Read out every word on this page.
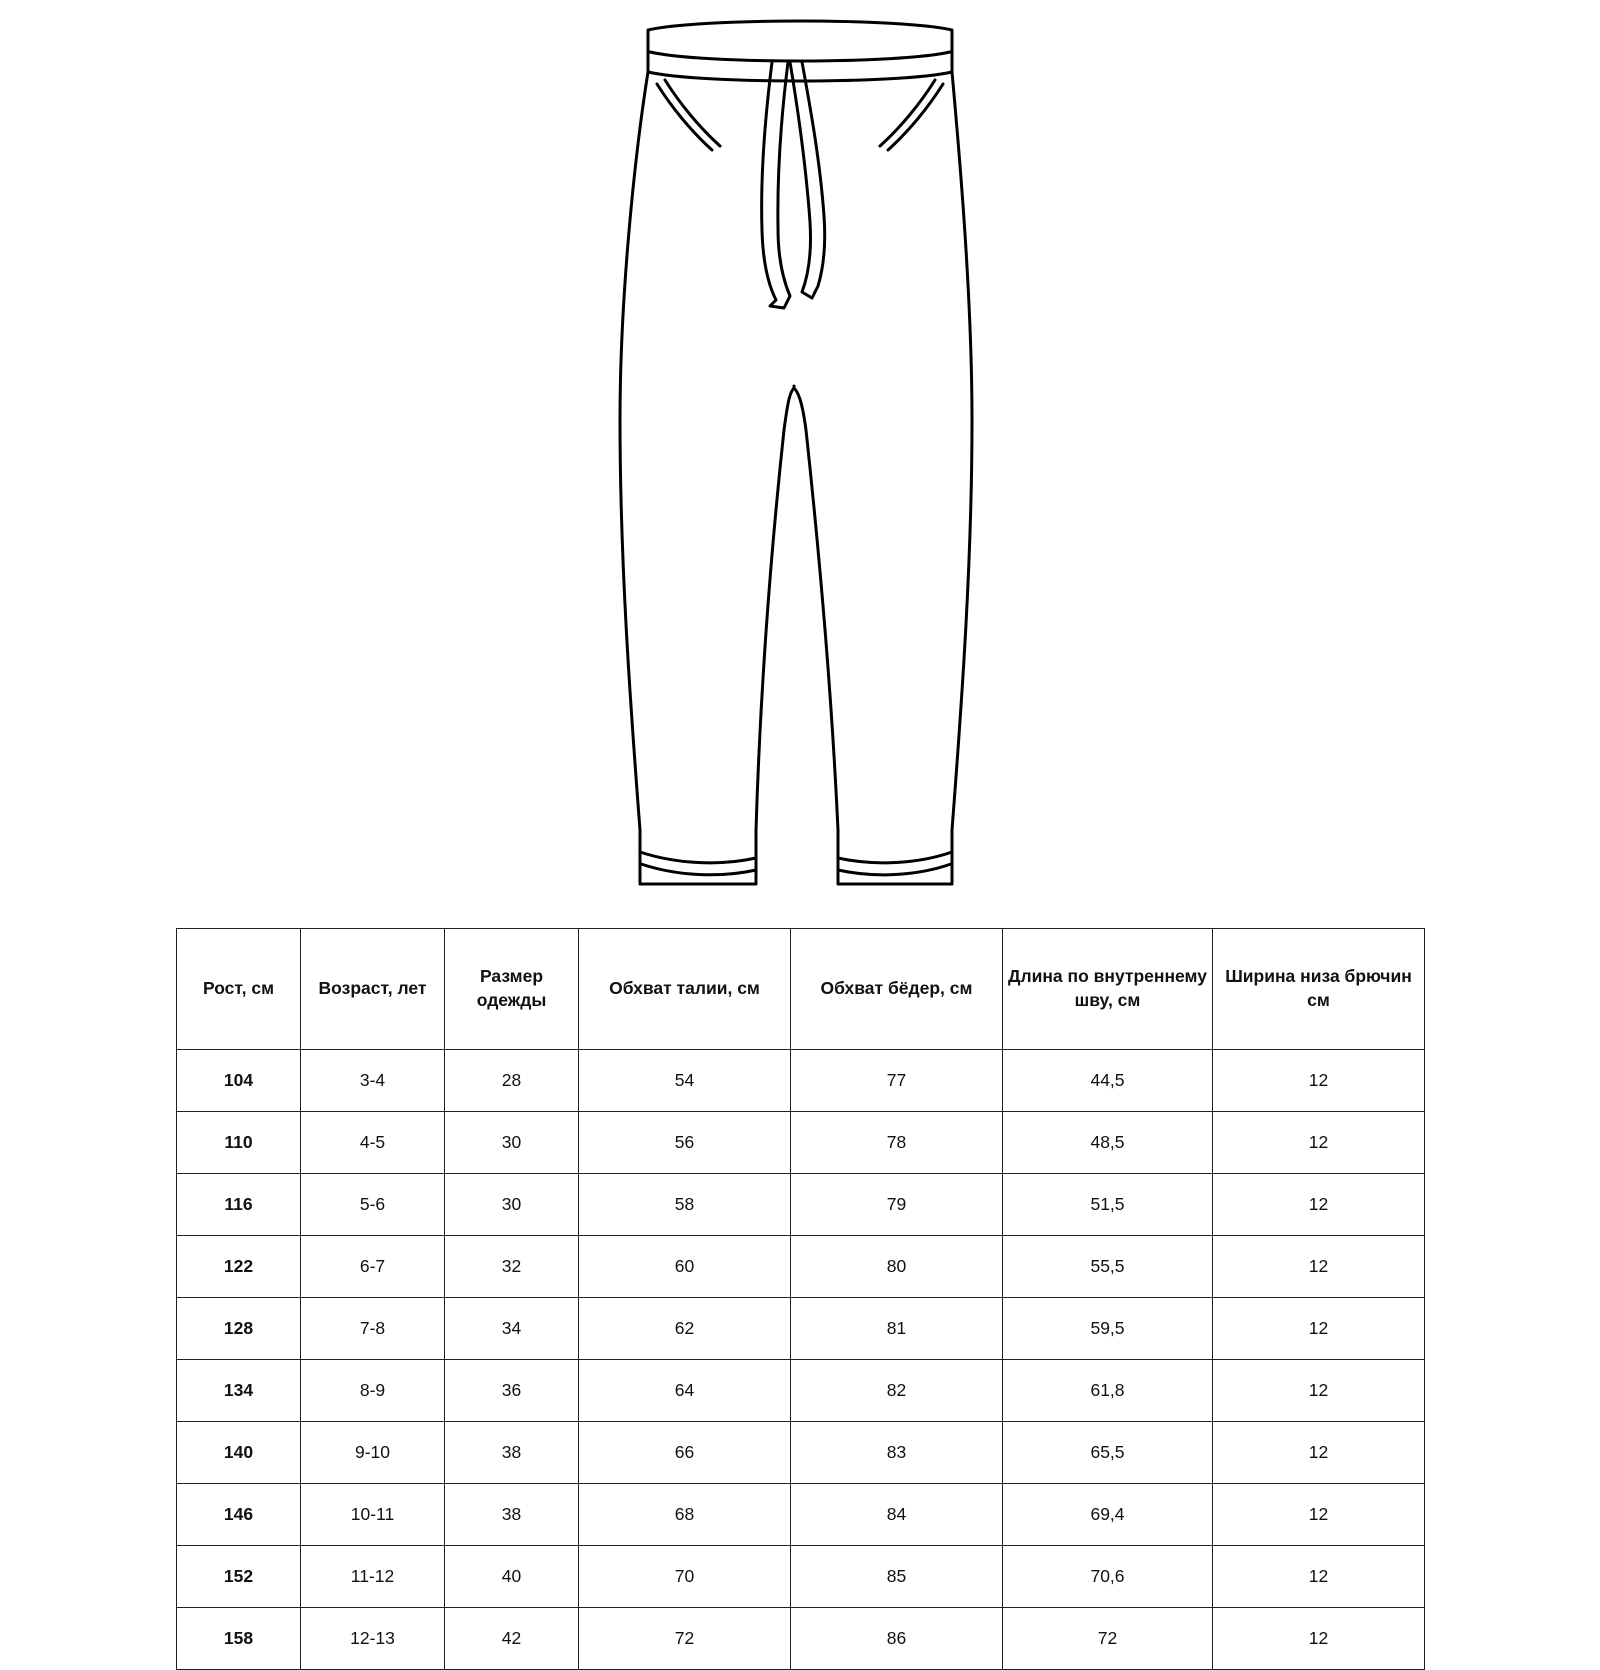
Рост, см	Возраст, лет	Размер одежды	Обхват талии, см	Обхват бёдер, см	Длина по внутреннему шву, см	Ширина низа брючин см
104	3-4	28	54	77	44,5	12
110	4-5	30	56	78	48,5	12
116	5-6	30	58	79	51,5	12
122	6-7	32	60	80	55,5	12
128	7-8	34	62	81	59,5	12
134	8-9	36	64	82	61,8	12
140	9-10	38	66	83	65,5	12
146	10-11	38	68	84	69,4	12
152	11-12	40	70	85	70,6	12
158	12-13	42	72	86	72	12
